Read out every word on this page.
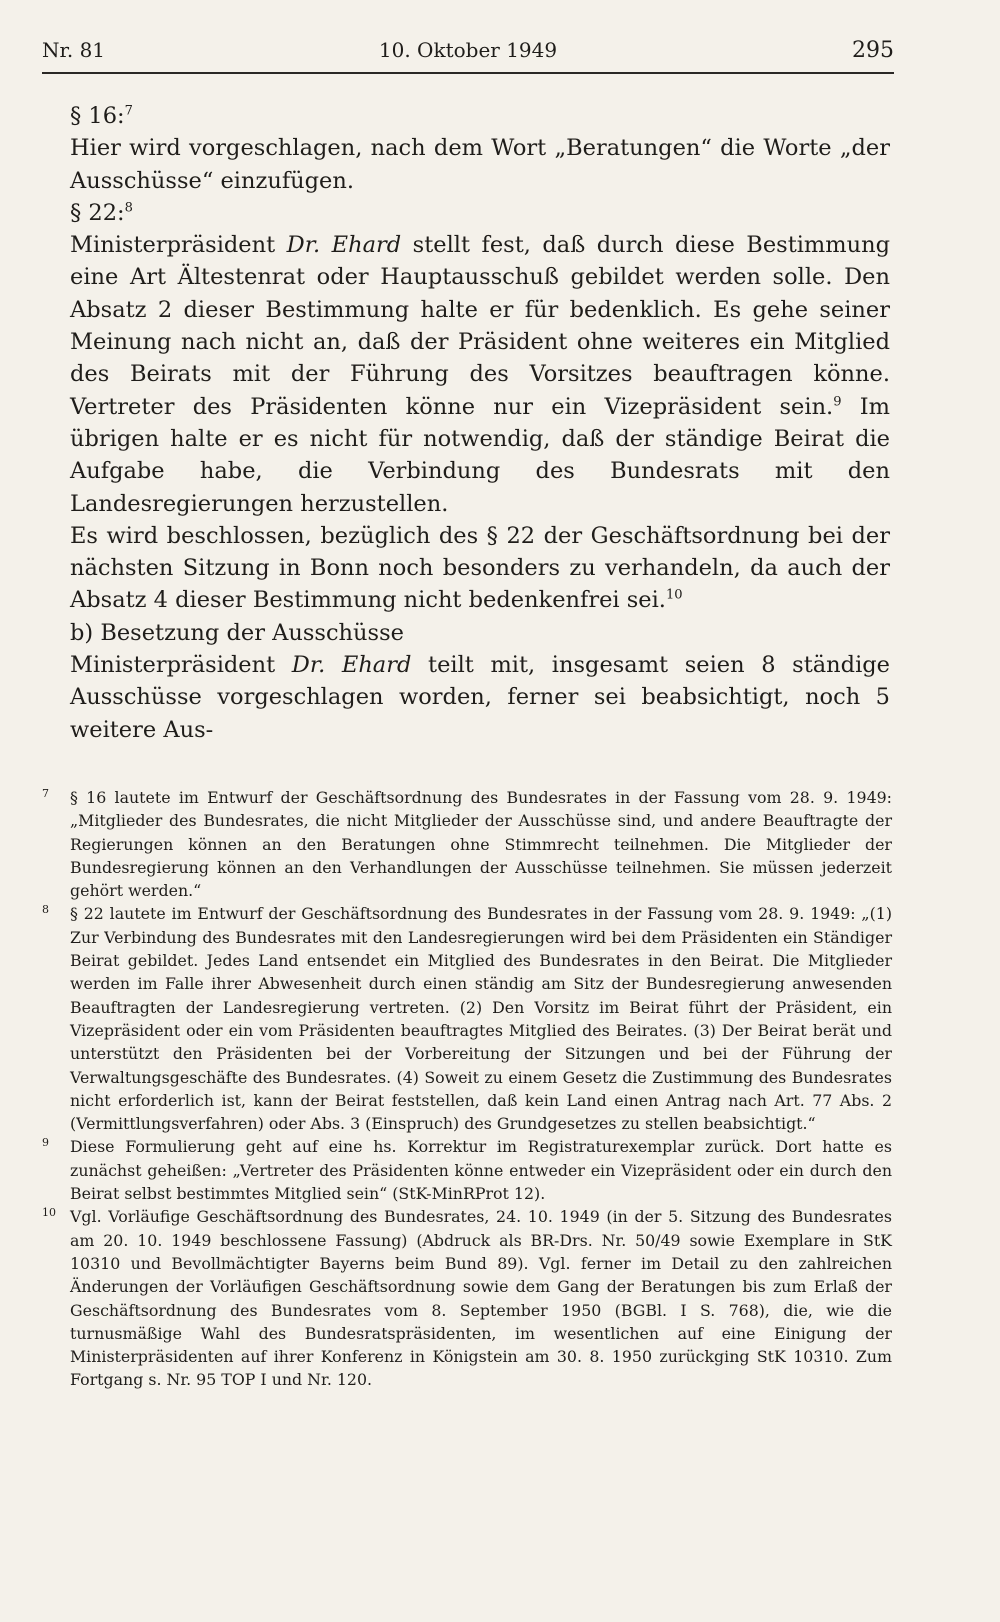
Nr. 81	10. Oktober 1949	295

§ 16:$^7$

Hier wird vorgeschlagen, nach dem Wort „Beratungen“ die Worte „der Ausschüsse“ einzufügen.

§ 22:$^8$

Ministerpräsident Dr. Ehard stellt fest, daß durch diese Bestimmung eine Art Ältestenrat oder Hauptausschuß gebildet werden solle. Den Absatz 2 dieser Bestimmung halte er für bedenklich. Es gehe seiner Meinung nach nicht an, daß der Präsident ohne weiteres ein Mitglied des Beirats mit der Führung des Vorsitzes beauftragen könne. Vertreter des Präsidenten könne nur ein Vizepräsident sein.$^9$ Im übrigen halte er es nicht für notwendig, daß der ständige Beirat die Aufgabe habe, die Verbindung des Bundesrats mit den Landesregierungen herzustellen.

Es wird beschlossen, bezüglich des § 22 der Geschäftsordnung bei der nächsten Sitzung in Bonn noch besonders zu verhandeln, da auch der Absatz 4 dieser Bestimmung nicht bedenkenfrei sei.$^{10}$

b) Besetzung der Ausschüsse

Ministerpräsident Dr. Ehard teilt mit, insgesamt seien 8 ständige Ausschüsse vorgeschlagen worden, ferner sei beabsichtigt, noch 5 weitere Aus-

7 § 16 lautete im Entwurf der Geschäftsordnung des Bundesrates in der Fassung vom 28. 9. 1949: „Mitglieder des Bundesrates, die nicht Mitglieder der Ausschüsse sind, und andere Beauftragte der Regierungen können an den Beratungen ohne Stimmrecht teilnehmen. Die Mitglieder der Bundesregierung können an den Verhandlungen der Ausschüsse teilnehmen. Sie müssen jederzeit gehört werden.“

8 § 22 lautete im Entwurf der Geschäftsordnung des Bundesrates in der Fassung vom 28. 9. 1949: „(1) Zur Verbindung des Bundesrates mit den Landesregierungen wird bei dem Präsidenten ein Ständiger Beirat gebildet. Jedes Land entsendet ein Mitglied des Bundesrates in den Beirat. Die Mitglieder werden im Falle ihrer Abwesenheit durch einen ständig am Sitz der Bundesregierung anwesenden Beauftragten der Landesregierung vertreten. (2) Den Vorsitz im Beirat führt der Präsident, ein Vizepräsident oder ein vom Präsidenten beauftragtes Mitglied des Beirates. (3) Der Beirat berät und unterstützt den Präsidenten bei der Vorbereitung der Sitzungen und bei der Führung der Verwaltungsgeschäfte des Bundesrates. (4) Soweit zu einem Gesetz die Zustimmung des Bundesrates nicht erforderlich ist, kann der Beirat feststellen, daß kein Land einen Antrag nach Art. 77 Abs. 2 (Vermittlungsverfahren) oder Abs. 3 (Einspruch) des Grundgesetzes zu stellen beabsichtigt.“

9 Diese Formulierung geht auf eine hs. Korrektur im Registraturexemplar zurück. Dort hatte es zunächst geheißen: „Vertreter des Präsidenten könne entweder ein Vizepräsident oder ein durch den Beirat selbst bestimmtes Mitglied sein“ (StK-MinRProt 12).

10 Vgl. Vorläufige Geschäftsordnung des Bundesrates, 24. 10. 1949 (in der 5. Sitzung des Bundesrates am 20. 10. 1949 beschlossene Fassung) (Abdruck als BR-Drs. Nr. 50/49 sowie Exemplare in StK 10310 und Bevollmächtigter Bayerns beim Bund 89). Vgl. ferner im Detail zu den zahlreichen Änderungen der Vorläufigen Geschäftsordnung sowie dem Gang der Beratungen bis zum Erlaß der Geschäftsordnung des Bundesrates vom 8. September 1950 (BGBl. I S. 768), die, wie die turnusmäßige Wahl des Bundesratspräsidenten, im wesentlichen auf eine Einigung der Ministerpräsidenten auf ihrer Konferenz in Königstein am 30. 8. 1950 zurückging StK 10310. Zum Fortgang s. Nr. 95 TOP I und Nr. 120.
